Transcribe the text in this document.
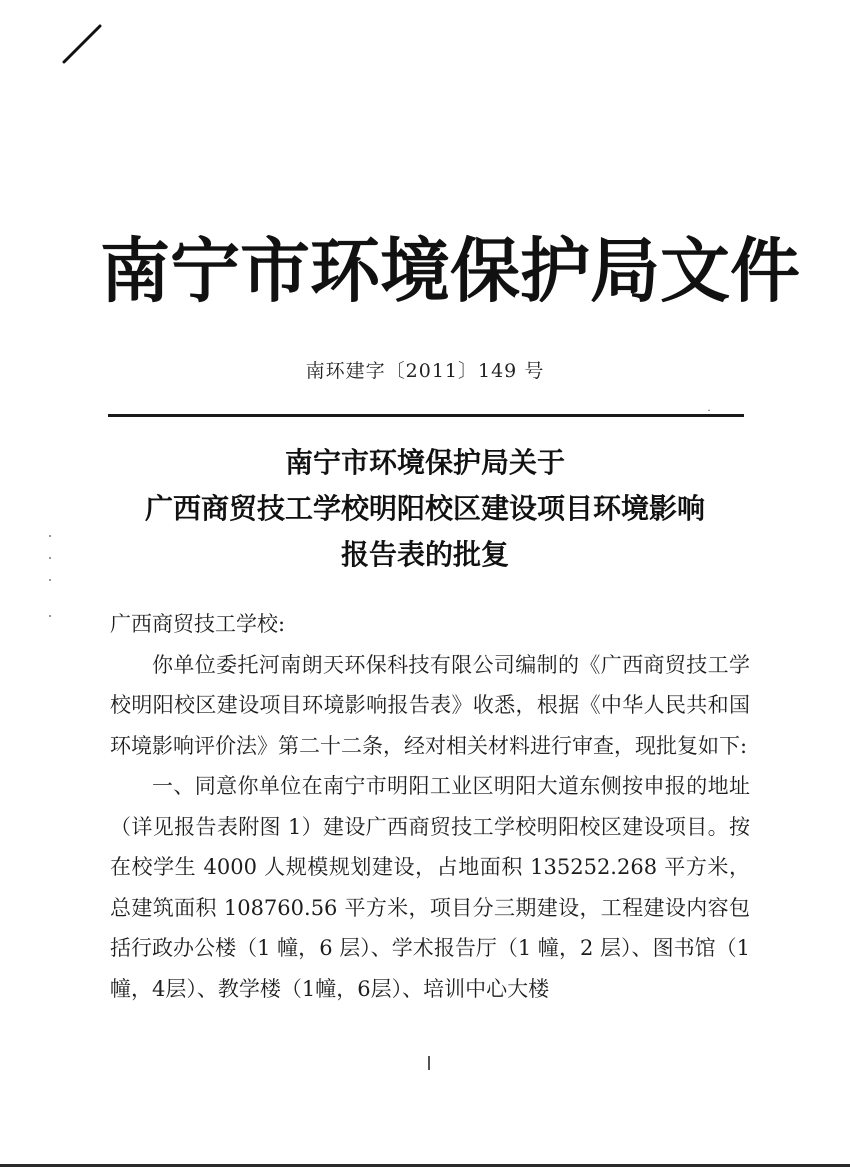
南宁市环境保护局文件
南环建字〔2011〕149 号
˙
南宁市环境保护局关于
广西商贸技工学校明阳校区建设项目环境影响
报告表的批复

广西商贸技工学校:

你单位委托河南朗天环保科技有限公司编制的《广西商贸技工学校明阳校区建设项目环境影响报告表》收悉，根据《中华人民共和国环境影响评价法》第二十二条，经对相关材料进行审查，现批复如下:

一、同意你单位在南宁市明阳工业区明阳大道东侧按申报的地址（详见报告表附图 1）建设广西商贸技工学校明阳校区建设项目。按在校学生 4000 人规模规划建设，占地面积 135252.268 平方米，总建筑面积 108760.56 平方米，项目分三期建设，工程建设内容包括行政办公楼（1 幢，6 层）、学术报告厅（1 幢，2 层）、图书馆（1幢，4层）、教学楼（1幢，6层）、培训中心大楼
